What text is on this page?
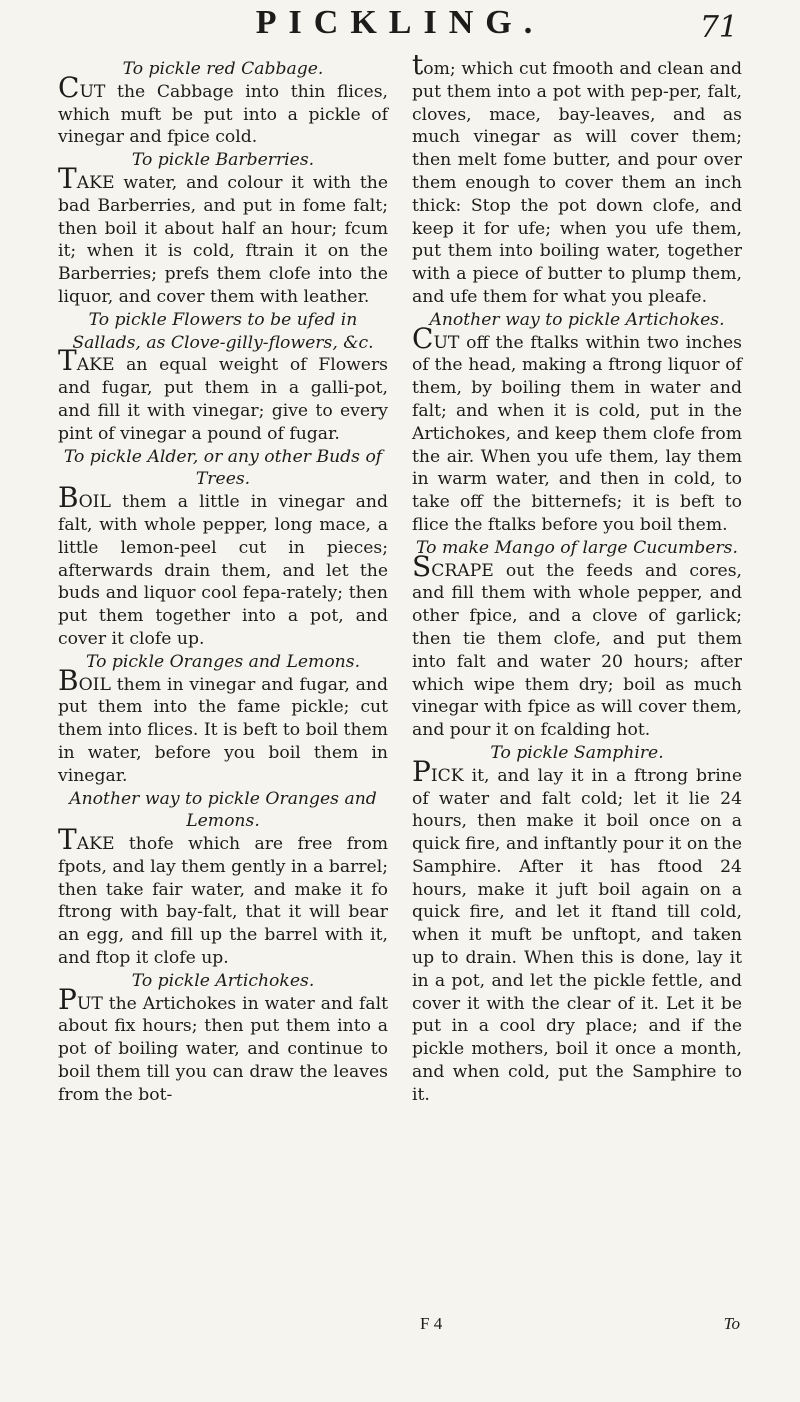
PICKLING.	71

To pickle red Cabbage.

CUT the Cabbage into thin flices, which muft be put into a pickle of vinegar and fpice cold.

To pickle Barberries.

TAKE water, and colour it with the bad Barberries, and put in fome falt; then boil it about half an hour; fcum it; when it is cold, ftrain it on the Barberries; prefs them clofe into the liquor, and cover them with leather.

To pickle Flowers to be ufed in Sallads, as Clove-gilly-flowers, &c.

TAKE an equal weight of Flowers and fugar, put them in a galli-pot, and fill it with vinegar; give to every pint of vinegar a pound of fugar.

To pickle Alder, or any other Buds of Trees.

BOIL them a little in vinegar and falt, with whole pepper, long mace, a little lemon-peel cut in pieces; afterwards drain them, and let the buds and liquor cool fepa-rately; then put them together into a pot, and cover it clofe up.

To pickle Oranges and Lemons.

BOIL them in vinegar and fugar, and put them into the fame pickle; cut them into flices. It is beft to boil them in water, before you boil them in vinegar.

Another way to pickle Oranges and Lemons.

TAKE thofe which are free from fpots, and lay them gently in a barrel; then take fair water, and make it fo ftrong with bay-falt, that it will bear an egg, and fill up the barrel with it, and ftop it clofe up.

To pickle Artichokes.

PUT the Artichokes in water and falt about fix hours; then put them into a pot of boiling water, and continue to boil them till you can draw the leaves from the bot-

tom; which cut fmooth and clean and put them into a pot with pep-per, falt, cloves, mace, bay-leaves, and as much vinegar as will cover them; then melt fome butter, and pour over them enough to cover them an inch thick: Stop the pot down clofe, and keep it for ufe; when you ufe them, put them into boiling water, together with a piece of butter to plump them, and ufe them for what you pleafe.

Another way to pickle Artichokes.

CUT off the ftalks within two inches of the head, making a ftrong liquor of them, by boiling them in water and falt; and when it is cold, put in the Artichokes, and keep them clofe from the air. When you ufe them, lay them in warm water, and then in cold, to take off the bitternefs; it is beft to flice the ftalks before you boil them.

To make Mango of large Cucumbers.

SCRAPE out the feeds and cores, and fill them with whole pepper, and other fpice, and a clove of garlick; then tie them clofe, and put them into falt and water 20 hours; after which wipe them dry; boil as much vinegar with fpice as will cover them, and pour it on fcalding hot.

To pickle Samphire.

PICK it, and lay it in a ftrong brine of water and falt cold; let it lie 24 hours, then make it boil once on a quick fire, and inftantly pour it on the Samphire. After it has ftood 24 hours, make it juft boil again on a quick fire, and let it ftand till cold, when it muft be unftopt, and taken up to drain. When this is done, lay it in a pot, and let the pickle fettle, and cover it with the clear of it. Let it be put in a cool dry place; and if the pickle mothers, boil it once a month, and when cold, put the Samphire to it.

F 4	To
